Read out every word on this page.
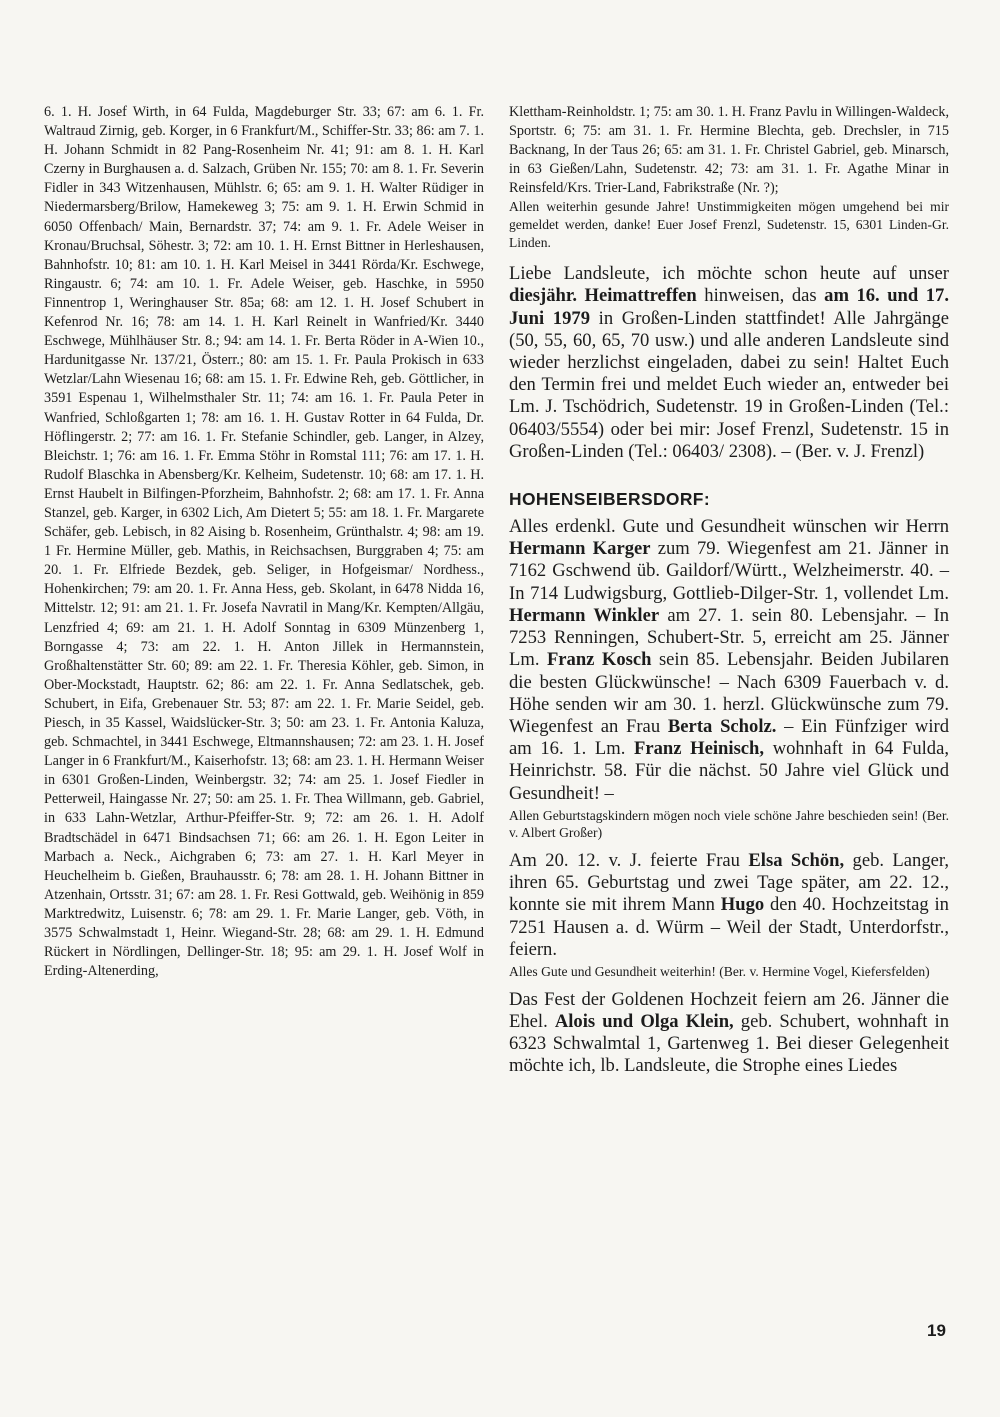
6. 1. H. Josef Wirth, in 64 Fulda, Magdeburger Str. 33; 67: am 6. 1. Fr. Waltraud Zirnig, geb. Korger, in 6 Frankfurt/M., Schiffer-Str. 33; 86: am 7. 1. H. Johann Schmidt in 82 Pang-Rosenheim Nr. 41; 91: am 8. 1. H. Karl Czerny in Burghausen a. d. Salzach, Grüben Nr. 155; 70: am 8. 1. Fr. Severin Fidler in 343 Witzenhausen, Mühlstr. 6; 65: am 9. 1. H. Walter Rüdiger in Niedermarsberg/Brilow, Hamekeweg 3; 75: am 9. 1. H. Erwin Schmid in 6050 Offenbach/ Main, Bernardstr. 37; 74: am 9. 1. Fr. Adele Weiser in Kronau/Bruchsal, Söhestr. 3; 72: am 10. 1. H. Ernst Bittner in Herleshausen, Bahnhofstr. 10; 81: am 10. 1. H. Karl Meisel in 3441 Rörda/Kr. Eschwege, Ringaustr. 6; 74: am 10. 1. Fr. Adele Weiser, geb. Haschke, in 5950 Finnentrop 1, Weringhauser Str. 85a; 68: am 12. 1. H. Josef Schubert in Kefenrod Nr. 16; 78: am 14. 1. H. Karl Reinelt in Wanfried/Kr. 3440 Eschwege, Mühlhäuser Str. 8.; 94: am 14. 1. Fr. Berta Röder in A-Wien 10., Hardunitgasse Nr. 137/21, Österr.; 80: am 15. 1. Fr. Paula Prokisch in 633 Wetzlar/Lahn Wiesenau 16; 68: am 15. 1. Fr. Edwine Reh, geb. Göttlicher, in 3591 Espenau 1, Wilhelmsthaler Str. 11; 74: am 16. 1. Fr. Paula Peter in Wanfried, Schloßgarten 1; 78: am 16. 1. H. Gustav Rotter in 64 Fulda, Dr. Höflingerstr. 2; 77: am 16. 1. Fr. Stefanie Schindler, geb. Langer, in Alzey, Bleichstr. 1; 76: am 16. 1. Fr. Emma Stöhr in Romstal 111; 76: am 17. 1. H. Rudolf Blaschka in Abensberg/Kr. Kelheim, Sudetenstr. 10; 68: am 17. 1. H. Ernst Haubelt in Bilfingen-Pforzheim, Bahnhofstr. 2; 68: am 17. 1. Fr. Anna Stanzel, geb. Karger, in 6302 Lich, Am Dietert 5; 55: am 18. 1. Fr. Margarete Schäfer, geb. Lebisch, in 82 Aising b. Rosenheim, Grünthalstr. 4; 98: am 19. 1 Fr. Hermine Müller, geb. Mathis, in Reichsachsen, Burggraben 4; 75: am 20. 1. Fr. Elfriede Bezdek, geb. Seliger, in Hofgeismar/ Nordhess., Hohenkirchen; 79: am 20. 1. Fr. Anna Hess, geb. Skolant, in 6478 Nidda 16, Mittelstr. 12; 91: am 21. 1. Fr. Josefa Navratil in Mang/Kr. Kempten/Allgäu, Lenzfried 4; 69: am 21. 1. H. Adolf Sonntag in 6309 Münzenberg 1, Borngasse 4; 73: am 22. 1. H. Anton Jillek in Hermannstein, Großhaltenstätter Str. 60; 89: am 22. 1. Fr. Theresia Köhler, geb. Simon, in Ober-Mockstadt, Hauptstr. 62; 86: am 22. 1. Fr. Anna Sedlatschek, geb. Schubert, in Eifa, Grebenauer Str. 53; 87: am 22. 1. Fr. Marie Seidel, geb. Piesch, in 35 Kassel, Waidslücker-Str. 3; 50: am 23. 1. Fr. Antonia Kaluza, geb. Schmachtel, in 3441 Eschwege, Eltmannshausen; 72: am 23. 1. H. Josef Langer in 6 Frankfurt/M., Kaiserhofstr. 13; 68: am 23. 1. H. Hermann Weiser in 6301 Großen-Linden, Weinbergstr. 32; 74: am 25. 1. Josef Fiedler in Petterweil, Haingasse Nr. 27; 50: am 25. 1. Fr. Thea Willmann, geb. Gabriel, in 633 Lahn-Wetzlar, Arthur-Pfeiffer-Str. 9; 72: am 26. 1. H. Adolf Bradtschädel in 6471 Bindsachsen 71; 66: am 26. 1. H. Egon Leiter in Marbach a. Neck., Aichgraben 6; 73: am 27. 1. H. Karl Meyer in Heuchelheim b. Gießen, Brauhausstr. 6; 78: am 28. 1. H. Johann Bittner in Atzenhain, Ortsstr. 31; 67: am 28. 1. Fr. Resi Gottwald, geb. Weihönig in 859 Marktredwitz, Luisenstr. 6; 78: am 29. 1. Fr. Marie Langer, geb. Vöth, in 3575 Schwalmstadt 1, Heinr. Wiegand-Str. 28; 68: am 29. 1. H. Edmund Rückert in Nördlingen, Dellinger-Str. 18; 95: am 29. 1. H. Josef Wolf in Erding-Altenerding,

Klettham-Reinholdstr. 1; 75: am 30. 1. H. Franz Pavlu in Willingen-Waldeck, Sportstr. 6; 75: am 31. 1. Fr. Hermine Blechta, geb. Drechsler, in 715 Backnang, In der Taus 26; 65: am 31. 1. Fr. Christel Gabriel, geb. Minarsch, in 63 Gießen/Lahn, Sudetenstr. 42; 73: am 31. 1. Fr. Agathe Minar in Reinsfeld/Krs. Trier-Land, Fabrikstraße (Nr. ?);

Allen weiterhin gesunde Jahre! Unstimmigkeiten mögen umgehend bei mir gemeldet werden, danke! Euer Josef Frenzl, Sudetenstr. 15, 6301 Linden-Gr. Linden.

Liebe Landsleute, ich möchte schon heute auf unser diesjähr. Heimattreffen hinweisen, das am 16. und 17. Juni 1979 in Großen-Linden stattfindet! Alle Jahrgänge (50, 55, 60, 65, 70 usw.) und alle anderen Landsleute sind wieder herzlichst eingeladen, dabei zu sein! Haltet Euch den Termin frei und meldet Euch wieder an, entweder bei Lm. J. Tschödrich, Sudetenstr. 19 in Großen-Linden (Tel.: 06403/5554) oder bei mir: Josef Frenzl, Sudetenstr. 15 in Großen-Linden (Tel.: 06403/ 2308). – (Ber. v. J. Frenzl)

HOHENSEIBERSDORF:

Alles erdenkl. Gute und Gesundheit wünschen wir Herrn Hermann Karger zum 79. Wiegenfest am 21. Jänner in 7162 Gschwend üb. Gaildorf/Württ., Welzheimerstr. 40. – In 714 Ludwigsburg, Gottlieb-Dilger-Str. 1, vollendet Lm. Hermann Winkler am 27. 1. sein 80. Lebensjahr. – In 7253 Renningen, Schubert-Str. 5, erreicht am 25. Jänner Lm. Franz Kosch sein 85. Lebensjahr. Beiden Jubilaren die besten Glückwünsche! – Nach 6309 Fauerbach v. d. Höhe senden wir am 30. 1. herzl. Glückwünsche zum 79. Wiegenfest an Frau Berta Scholz. – Ein Fünfziger wird am 16. 1. Lm. Franz Heinisch, wohnhaft in 64 Fulda, Heinrichstr. 58. Für die nächst. 50 Jahre viel Glück und Gesundheit! –

Allen Geburtstagskindern mögen noch viele schöne Jahre beschieden sein! (Ber. v. Albert Großer)

Am 20. 12. v. J. feierte Frau Elsa Schön, geb. Langer, ihren 65. Geburtstag und zwei Tage später, am 22. 12., konnte sie mit ihrem Mann Hugo den 40. Hochzeitstag in 7251 Hausen a. d. Würm – Weil der Stadt, Unterdorfstr., feiern.

Alles Gute und Gesundheit weiterhin! (Ber. v. Hermine Vogel, Kiefersfelden)

Das Fest der Goldenen Hochzeit feiern am 26. Jänner die Ehel. Alois und Olga Klein, geb. Schubert, wohnhaft in 6323 Schwalmtal 1, Gartenweg 1. Bei dieser Gelegenheit möchte ich, lb. Landsleute, die Strophe eines Liedes

19
